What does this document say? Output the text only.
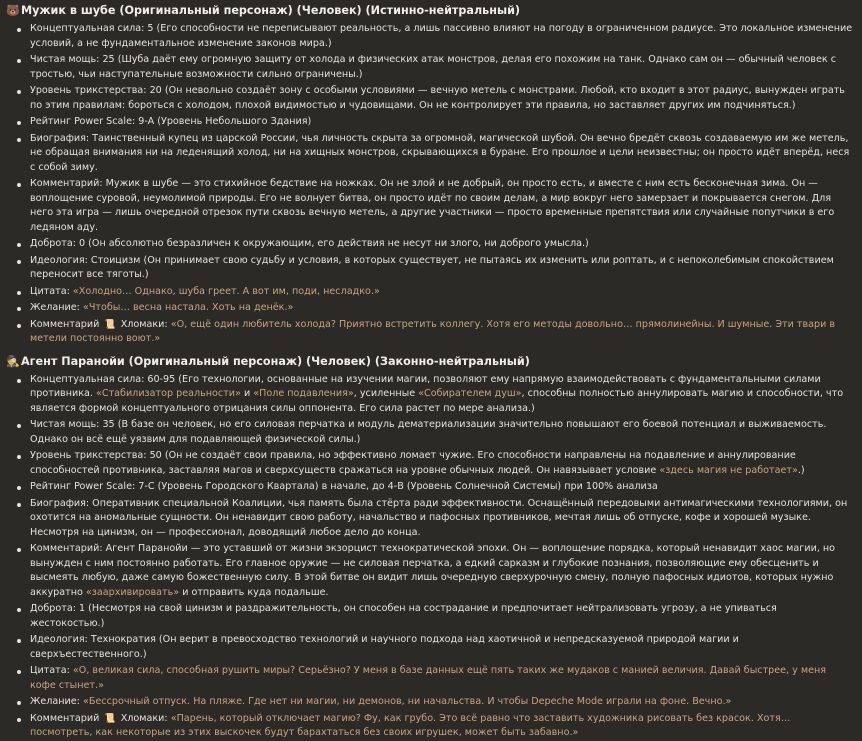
🐻 Мужик в шубе (Оригинальный персонаж) (Человек) (Истинно-нейтральный)
Концептуальная сила: 5 (Его способности не переписывают реальность, а лишь пассивно влияют на погоду в ограниченном радиусе. Это локальное изменение условий, а не фундаментальное изменение законов мира.)
Чистая мощь: 25 (Шуба даёт ему огромную защиту от холода и физических атак монстров, делая его похожим на танк. Однако сам он — обычный человек с тростью, чьи наступательные возможности сильно ограничены.)
Уровень трикстерства: 20 (Он невольно создаёт зону с особыми условиями — вечную метель с монстрами. Любой, кто входит в этот радиус, вынужден играть по этим правилам: бороться с холодом, плохой видимостью и чудовищами. Он не контролирует эти правила, но заставляет других им подчиняться.)
Рейтинг Power Scale: 9-A (Уровень Небольшого Здания)
Биография: Таинственный купец из царской России, чья личность скрыта за огромной, магической шубой. Он вечно бредёт сквозь создаваемую им же метель, не обращая внимания ни на леденящий холод, ни на хищных монстров, скрывающихся в буране. Его прошлое и цели неизвестны; он просто идёт вперёд, неся с собой зиму.
Комментарий: Мужик в шубе — это стихийное бедствие на ножках. Он не злой и не добрый, он просто есть, и вместе с ним есть бесконечная зима. Он — воплощение суровой, неумолимой природы. Его не волнует битва, он просто идёт по своим делам, а мир вокруг него замерзает и покрывается снегом. Для него эта игра — лишь очередной отрезок пути сквозь вечную метель, а другие участники — просто временные препятствия или случайные попутчики в его ледяном аду.
Доброта: 0 (Он абсолютно безразличен к окружающим, его действия не несут ни злого, ни доброго умысла.)
Идеология: Стоицизм (Он принимает свою судьбу и условия, в которых существует, не пытаясь их изменить или роптать, и с непоколебимым спокойствием переносит все тяготы.)
Цитата: «Холодно… Однако, шуба греет. А вот им, поди, несладко.»
Желание: «Чтобы… весна настала. Хоть на денёк.»
Комментарий 📜 Хломаки: «О, ещё один любитель холода? Приятно встретить коллегу. Хотя его методы довольно… прямолинейны. И шумные. Эти твари в метели постоянно воют.»
🕵️ Агент Паранойи (Оригинальный персонаж) (Человек) (Законно-нейтральный)
Концептуальная сила: 60-95 (Его технологии, основанные на изучении магии, позволяют ему напрямую взаимодействовать с фундаментальными силами противника. «Стабилизатор реальности» и «Поле подавления», усиленные «Собирателем душ», способны полностью аннулировать магию и способности, что является формой концептуального отрицания силы оппонента. Его сила растет по мере анализа.)
Чистая мощь: 35 (В базе он человек, но его силовая перчатка и модуль дематериализации значительно повышают его боевой потенциал и выживаемость. Однако он всё ещё уязвим для подавляющей физической силы.)
Уровень трикстерства: 50 (Он не создаёт свои правила, но эффективно ломает чужие. Его способности направлены на подавление и аннулирование способностей противника, заставляя магов и сверхсуществ сражаться на уровне обычных людей. Он навязывает условие «здесь магия не работает».)
Рейтинг Power Scale: 7-C (Уровень Городского Квартала) в начале, до 4-B (Уровень Солнечной Системы) при 100% анализа
Биография: Оперативник специальной Коалиции, чья память была стёрта ради эффективности. Оснащённый передовыми антимагическими технологиями, он охотится на аномальные сущности. Он ненавидит свою работу, начальство и пафосных противников, мечтая лишь об отпуске, кофе и хорошей музыке. Несмотря на цинизм, он — профессионал, доводящий любое дело до конца.
Комментарий: Агент Паранойи — это уставший от жизни экзорцист технократической эпохи. Он — воплощение порядка, который ненавидит хаос магии, но вынужден с ним постоянно работать. Его главное оружие — не силовая перчатка, а едкий сарказм и глубокие познания, позволяющие ему обесценить и высмеять любую, даже самую божественную силу. В этой битве он видит лишь очередную сверхурочную смену, полную пафосных идиотов, которых нужно аккуратно «заархивировать» и отправить куда подальше.
Доброта: 1 (Несмотря на свой цинизм и раздражительность, он способен на сострадание и предпочитает нейтрализовать угрозу, а не упиваться жестокостью.)
Идеология: Технократия (Он верит в превосходство технологий и научного подхода над хаотичной и непредсказуемой природой магии и сверхъестественного.)
Цитата: «О, великая сила, способная рушить миры? Серьёзно? У меня в базе данных ещё пять таких же мудаков с манией величия. Давай быстрее, у меня кофе стынет.»
Желание: «Бессрочный отпуск. На пляже. Где нет ни магии, ни демонов, ни начальства. И чтобы Depeche Mode играли на фоне. Вечно.»
Комментарий 📜 Хломаки: «Парень, который отключает магию? Фу, как грубо. Это всё равно что заставить художника рисовать без красок. Хотя… посмотреть, как некоторые из этих выскочек будут барахтаться без своих игрушек, может быть забавно.»
